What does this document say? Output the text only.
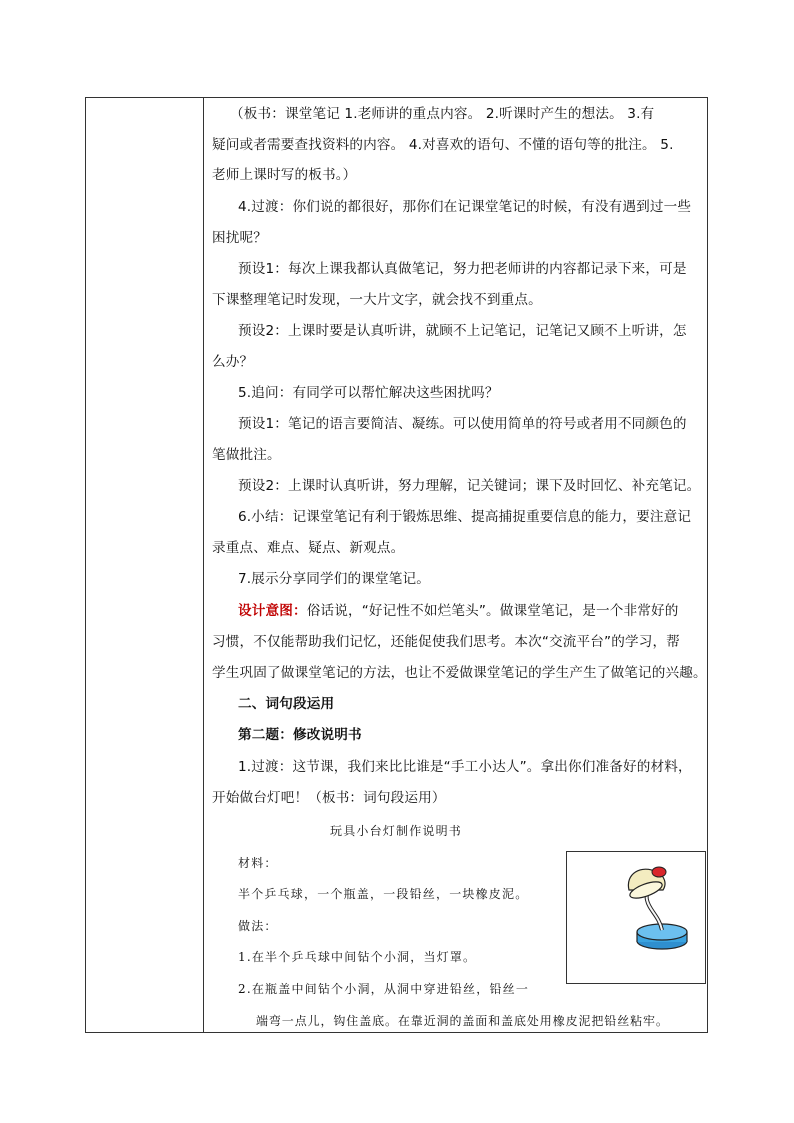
（板书：课堂笔记 1.老师讲的重点内容。 2.听课时产生的想法。 3.有
疑问或者需要查找资料的内容。 4.对喜欢的语句、不懂的语句等的批注。 5.
老师上课时写的板书。）
4.过渡：你们说的都很好，那你们在记课堂笔记的时候，有没有遇到过一些
困扰呢？
预设1：每次上课我都认真做笔记，努力把老师讲的内容都记录下来，可是
下课整理笔记时发现，一大片文字，就会找不到重点。
预设2：上课时要是认真听讲，就顾不上记笔记，记笔记又顾不上听讲，怎
么办？
5.追问：有同学可以帮忙解决这些困扰吗？
预设1：笔记的语言要简洁、凝练。可以使用简单的符号或者用不同颜色的
笔做批注。
预设2：上课时认真听讲，努力理解，记关键词；课下及时回忆、补充笔记。
6.小结：记课堂笔记有利于锻炼思维、提高捕捉重要信息的能力，要注意记
录重点、难点、疑点、新观点。
7.展示分享同学们的课堂笔记。
设计意图：俗话说，“好记性不如烂笔头”。做课堂笔记，是一个非常好的
习惯，不仅能帮助我们记忆，还能促使我们思考。本次“交流平台”的学习，帮
学生巩固了做课堂笔记的方法，也让不爱做课堂笔记的学生产生了做笔记的兴趣。
二、词句段运用
第二题：修改说明书
1.过渡：这节课，我们来比比谁是“手工小达人”。拿出你们准备好的材料，
开始做台灯吧！（板书：词句段运用）
玩具小台灯制作说明书
材料：
半个乒乓球，一个瓶盖，一段铅丝，一块橡皮泥。
做法：
1.在半个乒乓球中间钻个小洞，当灯罩。
2.在瓶盖中间钻个小洞，从洞中穿进铅丝，铅丝一
端弯一点儿，钩住盖底。在靠近洞的盖面和盖底处用橡皮泥把铅丝粘牢。
